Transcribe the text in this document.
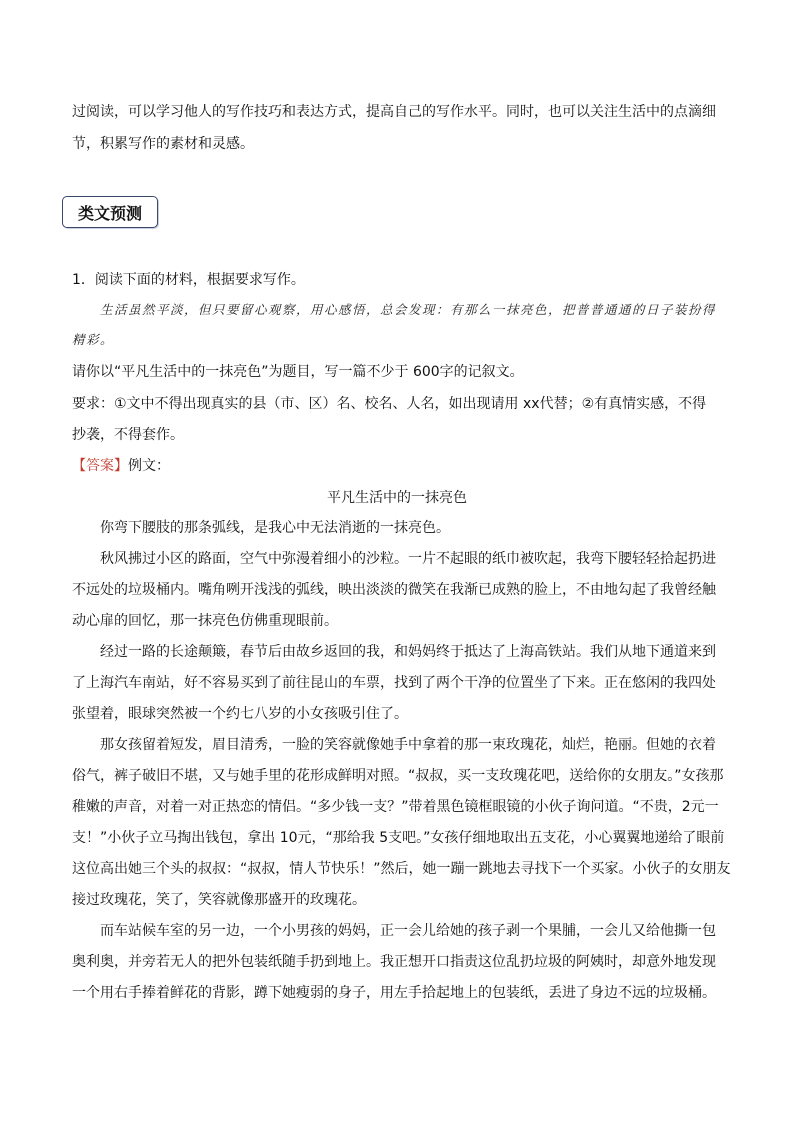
过阅读，可以学习他人的写作技巧和表达方式，提高自己的写作水平。同时，也可以关注生活中的点滴细
节，积累写作的素材和灵感。
类文预测
1．阅读下面的材料，根据要求写作。
生活虽然平淡，但只要留心观察，用心感悟，总会发现：有那么一抹亮色，把普普通通的日子装扮得
精彩。
请你以“平凡生活中的一抹亮色”为题目，写一篇不少于 600字的记叙文。
要求：①文中不得出现真实的县（市、区）名、校名、人名，如出现请用 xx代替；②有真情实感，不得
抄袭，不得套作。
【答案】例文：
平凡生活中的一抹亮色
你弯下腰肢的那条弧线，是我心中无法消逝的一抹亮色。
秋风拂过小区的路面，空气中弥漫着细小的沙粒。一片不起眼的纸巾被吹起，我弯下腰轻轻拾起扔进
不远处的垃圾桶内。嘴角咧开浅浅的弧线，映出淡淡的微笑在我渐已成熟的脸上，不由地勾起了我曾经触
动心扉的回忆，那一抹亮色仿佛重现眼前。
经过一路的长途颠簸，春节后由故乡返回的我，和妈妈终于抵达了上海高铁站。我们从地下通道来到
了上海汽车南站，好不容易买到了前往昆山的车票，找到了两个干净的位置坐了下来。正在悠闲的我四处
张望着，眼球突然被一个约七八岁的小女孩吸引住了。
那女孩留着短发，眉目清秀，一脸的笑容就像她手中拿着的那一束玫瑰花，灿烂，艳丽。但她的衣着
俗气，裤子破旧不堪，又与她手里的花形成鲜明对照。“叔叔，买一支玫瑰花吧，送给你的女朋友。”女孩那
稚嫩的声音，对着一对正热恋的情侣。“多少钱一支？”带着黑色镜框眼镜的小伙子询问道。“不贵，2元一
支！”小伙子立马掏出钱包，拿出 10元，“那给我 5支吧。”女孩仔细地取出五支花，小心翼翼地递给了眼前
这位高出她三个头的叔叔：“叔叔，情人节快乐！”然后，她一蹦一跳地去寻找下一个买家。小伙子的女朋友
接过玫瑰花，笑了，笑容就像那盛开的玫瑰花。
而车站候车室的另一边，一个小男孩的妈妈，正一会儿给她的孩子剥一个果脯，一会儿又给他撕一包
奥利奥，并旁若无人的把外包装纸随手扔到地上。我正想开口指责这位乱扔垃圾的阿姨时，却意外地发现
一个用右手捧着鲜花的背影，蹲下她瘦弱的身子，用左手拾起地上的包装纸，丢进了身边不远的垃圾桶。
